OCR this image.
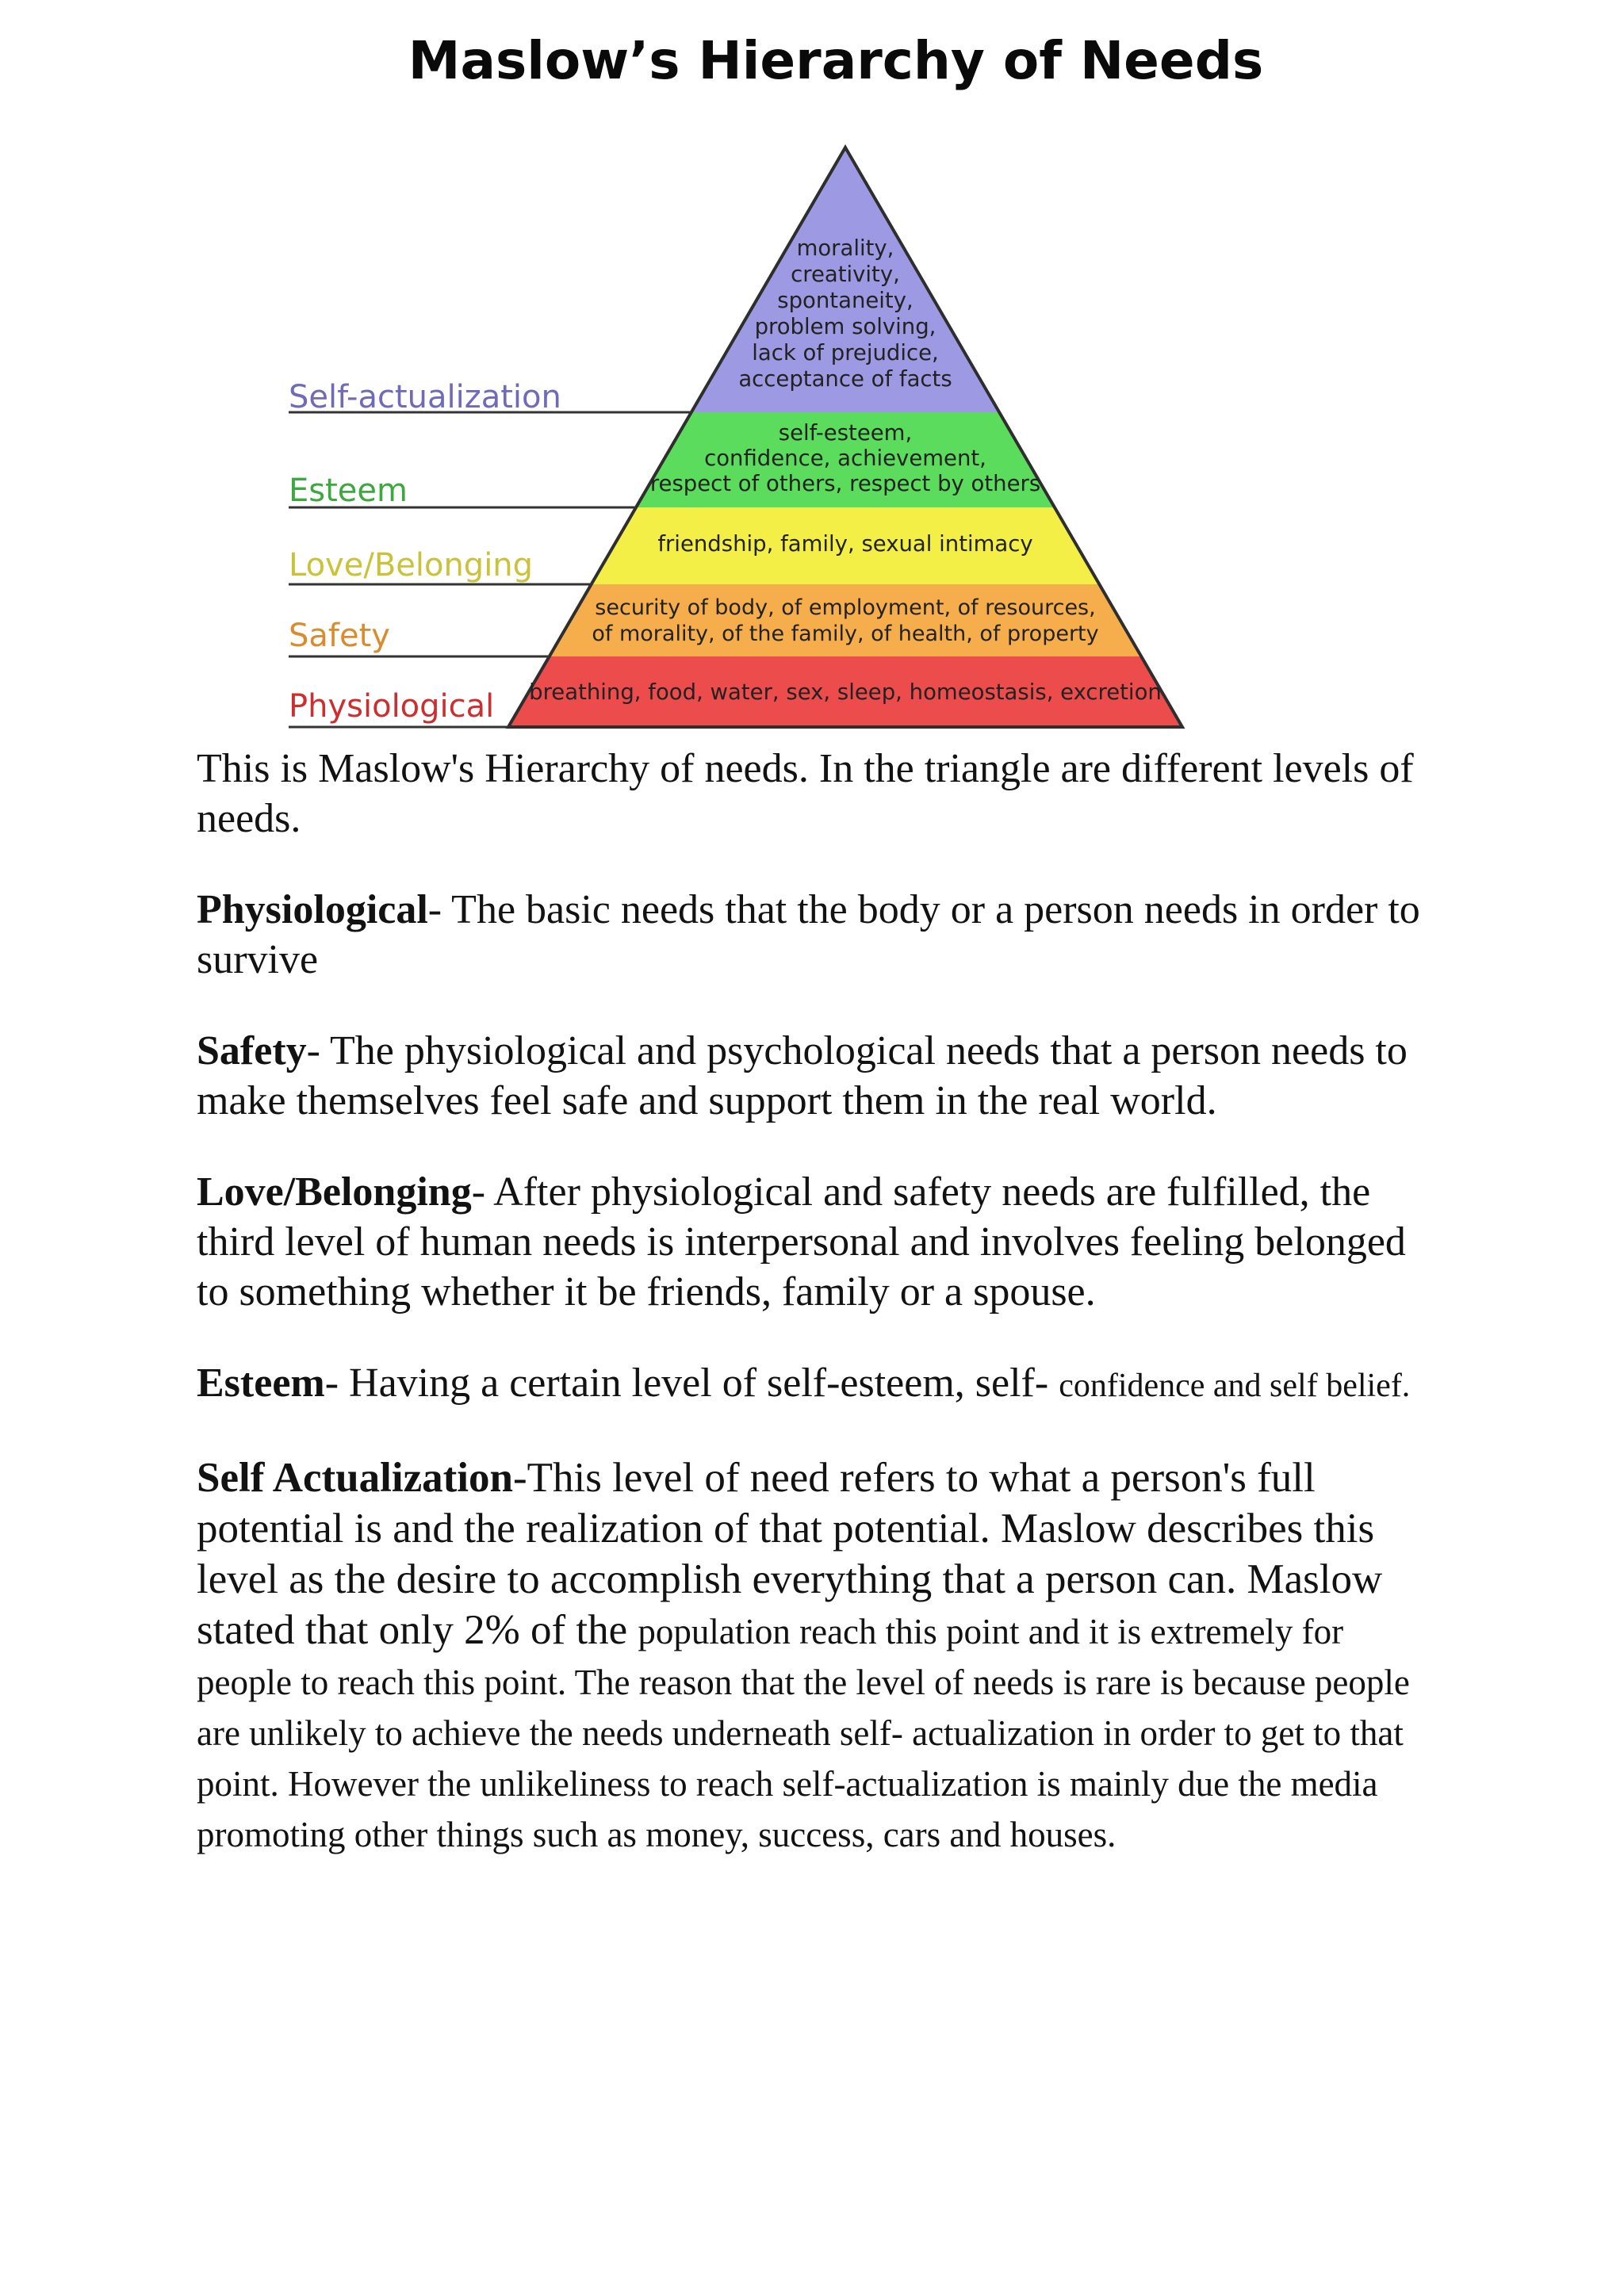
Maslow’s Hierarchy of Needs
Self-actualization
Esteem
Love/Belonging
Safety
Physiological
morality,
creativity,
spontaneity,
problem solving,
lack of prejudice,
acceptance of facts
self-esteem,
confidence, achievement,
respect of others, respect by others
friendship, family, sexual intimacy
security of body, of employment, of resources,
of morality, of the family, of health, of property
breathing, food, water, sex, sleep, homeostasis, excretion

This is Maslow's Hierarchy of needs. In the triangle are different levels of needs.

Physiological- The basic needs that the body or a person needs in order to survive

Safety- The physiological and psychological needs that a person needs to make themselves feel safe and support them in the real world.

Love/Belonging- After physiological and safety needs are fulfilled, the third level of human needs is interpersonal and involves feeling belonged to something whether it be friends, family or a spouse.

Esteem- Having a certain level of self-esteem, self- confidence and self belief.

Self Actualization-This level of need refers to what a person's full potential is and the realization of that potential. Maslow describes this level as the desire to accomplish everything that a person can. Maslow stated that only 2% of the population reach this point and it is extremely for people to reach this point. The reason that the level of needs is rare is because people are unlikely to achieve the needs underneath self- actualization in order to get to that point. However the unlikeliness to reach self-actualization is mainly due the media promoting other things such as money, success, cars and houses.
